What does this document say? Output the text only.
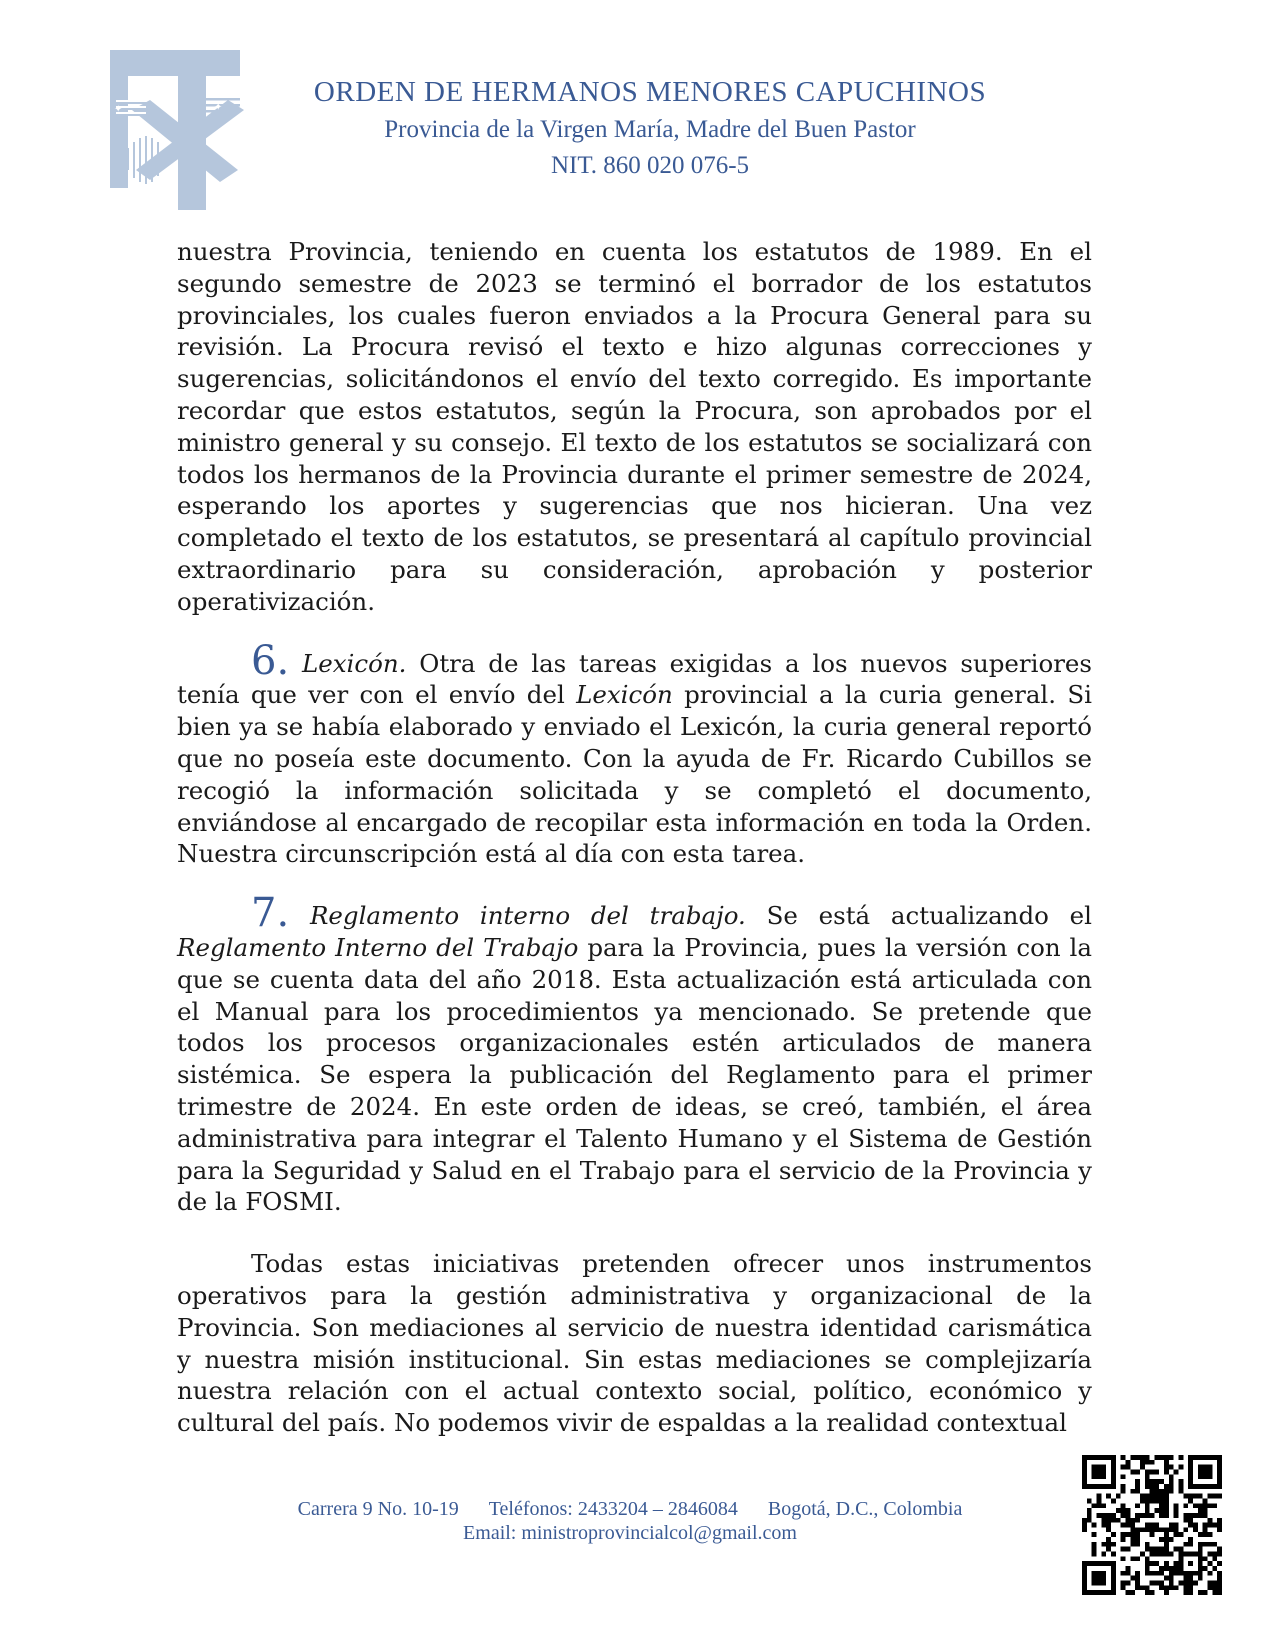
✦	✦	ORDEN DE HERMANOS MENORES CAPUCHINOS
Provincia de la Virgen María, Madre del Buen Pastor
NIT. 860 020 076-5

nuestra Provincia, teniendo en cuenta los estatutos de 1989. En el segundo semestre de 2023 se terminó el borrador de los estatutos provinciales, los cuales fueron enviados a la Procura General para su revisión. La Procura revisó el texto e hizo algunas correcciones y sugerencias, solicitándonos el envío del texto corregido. Es importante recordar que estos estatutos, según la Procura, son aprobados por el ministro general y su consejo. El texto de los estatutos se socializará con todos los hermanos de la Provincia durante el primer semestre de 2024, esperando los aportes y sugerencias que nos hicieran. Una vez completado el texto de los estatutos, se presentará al capítulo provincial extraordinario para su consideración, aprobación y posterior operativización.

6. Lexicón. Otra de las tareas exigidas a los nuevos superiores tenía que ver con el envío del Lexicón provincial a la curia general. Si bien ya se había elaborado y enviado el Lexicón, la curia general reportó que no poseía este documento. Con la ayuda de Fr. Ricardo Cubillos se recogió la información solicitada y se completó el documento, enviándose al encargado de recopilar esta información en toda la Orden. Nuestra circunscripción está al día con esta tarea.

7. Reglamento interno del trabajo. Se está actualizando el Reglamento Interno del Trabajo para la Provincia, pues la versión con la que se cuenta data del año 2018. Esta actualización está articulada con el Manual para los procedimientos ya mencionado. Se pretende que todos los procesos organizacionales estén articulados de manera sistémica. Se espera la publicación del Reglamento para el primer trimestre de 2024. En este orden de ideas, se creó, también, el área administrativa para integrar el Talento Humano y el Sistema de Gestión para la Seguridad y Salud en el Trabajo para el servicio de la Provincia y de la FOSMI.

Todas estas iniciativas pretenden ofrecer unos instrumentos operativos para la gestión administrativa y organizacional de la Provincia. Son mediaciones al servicio de nuestra identidad carismática y nuestra misión institucional. Sin estas mediaciones se complejizaría nuestra relación con el actual contexto social, político, económico y cultural del país. No podemos vivir de espaldas a la realidad contextual

Carrera 9 No. 10-19 Teléfonos: 2433204 – 2846084 Bogotá, D.C., Colombia
Email: ministroprovincialcol@gmail.com
